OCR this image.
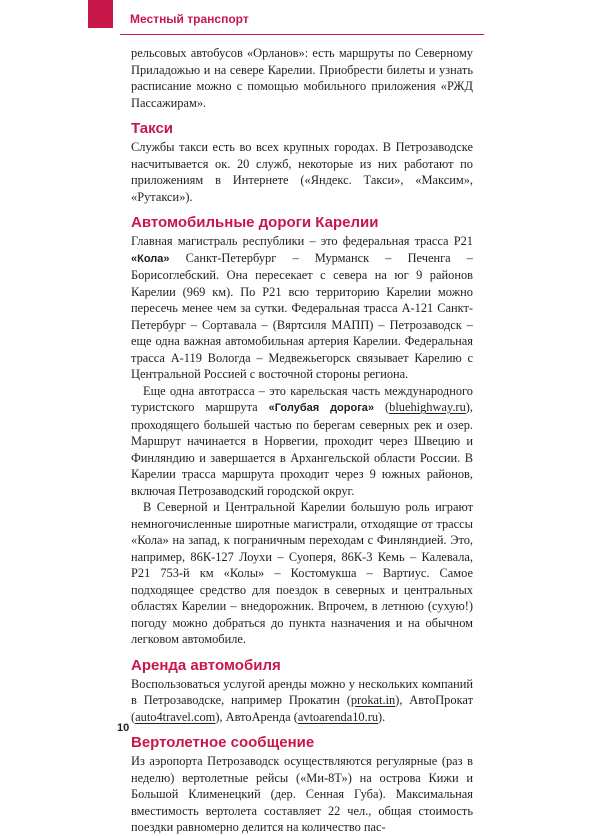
Местный транспорт

рельсовых автобусов «Орланов»: есть маршруты по Северному Приладожью и на севере Карелии. Приобрести билеты и узнать расписание можно с помощью мобильного приложения «РЖД Пассажирам».

Такси

Службы такси есть во всех крупных городах. В Петрозаводске насчитывается ок. 20 служб, некоторые из них работают по приложениям в Интернете («Яндекс. Такси», «Максим», «Рутакси»).

Автомобильные дороги Карелии

Главная магистраль республики – это федеральная трасса Р21 «Кола» Санкт-Петербург – Мурманск – Печенга – Борисоглебский. Она пересекает с севера на юг 9 районов Карелии (969 км). По Р21 всю территорию Карелии можно пересечь менее чем за сутки. Федеральная трасса А-121 Санкт-Петербург – Сортавала – (Вяртсиля МАПП) – Петрозаводск – еще одна важная автомобильная артерия Карелии. Федеральная трасса А-119 Вологда – Медвежьегорск связывает Карелию с Центральной Россией с восточной стороны региона.

Еще одна автотрасса – это карельская часть международного туристского маршрута «Голубая дорога» (bluehighway.ru), проходящего большей частью по берегам северных рек и озер. Маршрут начинается в Норвегии, проходит через Швецию и Финляндию и завершается в Архангельской области России. В Карелии трасса маршрута проходит через 9 южных районов, включая Петрозаводский городской округ.

В Северной и Центральной Карелии большую роль играют немногочисленные широтные магистрали, отходящие от трассы «Кола» на запад, к пограничным переходам с Финляндией. Это, например, 86К-127 Лоухи – Суоперя, 86К-3 Кемь – Калевала, Р21 753-й км «Колы» – Костомукша – Вартиус. Самое подходящее средство для поездок в северных и центральных областях Карелии – внедорожник. Впрочем, в летнюю (сухую!) погоду можно добраться до пункта назначения и на обычном легковом автомобиле.

Аренда автомобиля

Воспользоваться услугой аренды можно у нескольких компаний в Петрозаводске, например Прокатин (prokat.in), АвтоПрокат (auto4travel.com), АвтоАренда (avtoarenda10.ru).

Вертолетное сообщение

Из аэропорта Петрозаводск осуществляются регулярные (раз в неделю) вертолетные рейсы («Ми-8Т») на острова Кижи и Большой Клименецкий (дер. Сенная Губа). Максимальная вместимость вертолета составляет 22 чел., общая стоимость поездки равномерно делится на количество пас-

10
